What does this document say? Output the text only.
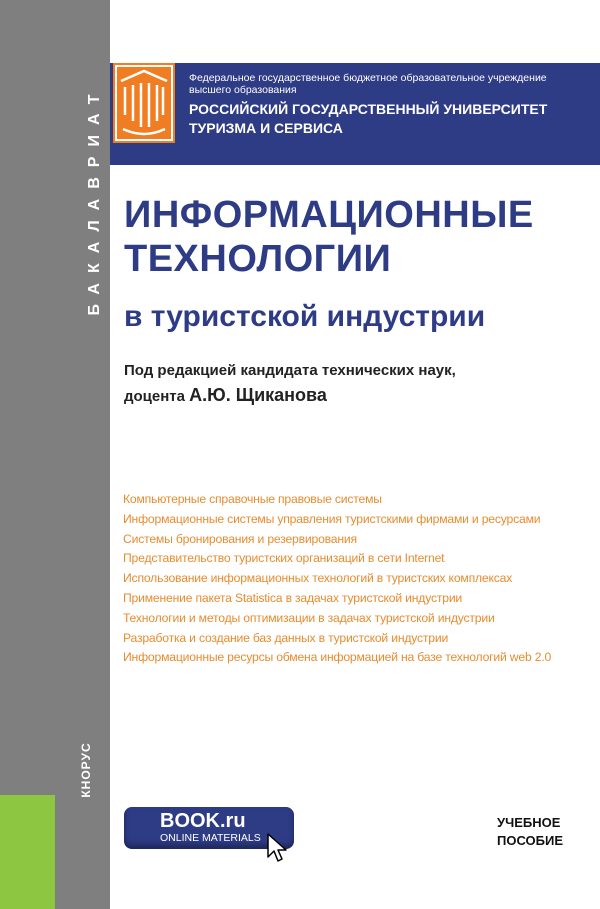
БАКАЛАВРИАТ
КНОРУС
Федеральное государственное бюджетное образовательное учреждение
высшего образования
РОССИЙСКИЙ ГОСУДАРСТВЕННЫЙ УНИВЕРСИТЕТ
ТУРИЗМА И СЕРВИСА
ИНФОРМАЦИОННЫЕ
ТЕХНОЛОГИИ
в туристской индустрии
Под редакцией кандидата технических наук,
доцента А.Ю. Щиканова
Компьютерные справочные правовые системы
Информационные системы управления туристскими фирмами и ресурсами
Системы бронирования и резервирования
Представительство туристских организаций в сети Internet
Использование информационных технологий в туристских комплексах
Применение пакета Statistica в задачах туристской индустрии
Технологии и методы оптимизации в задачах туристской индустрии
Разработка и создание баз данных в туристской индустрии
Информационные ресурсы обмена информацией на базе технологий web 2.0
BOOK.ru
ONLINE MATERIALS
УЧЕБНОЕ
ПОСОБИЕ
